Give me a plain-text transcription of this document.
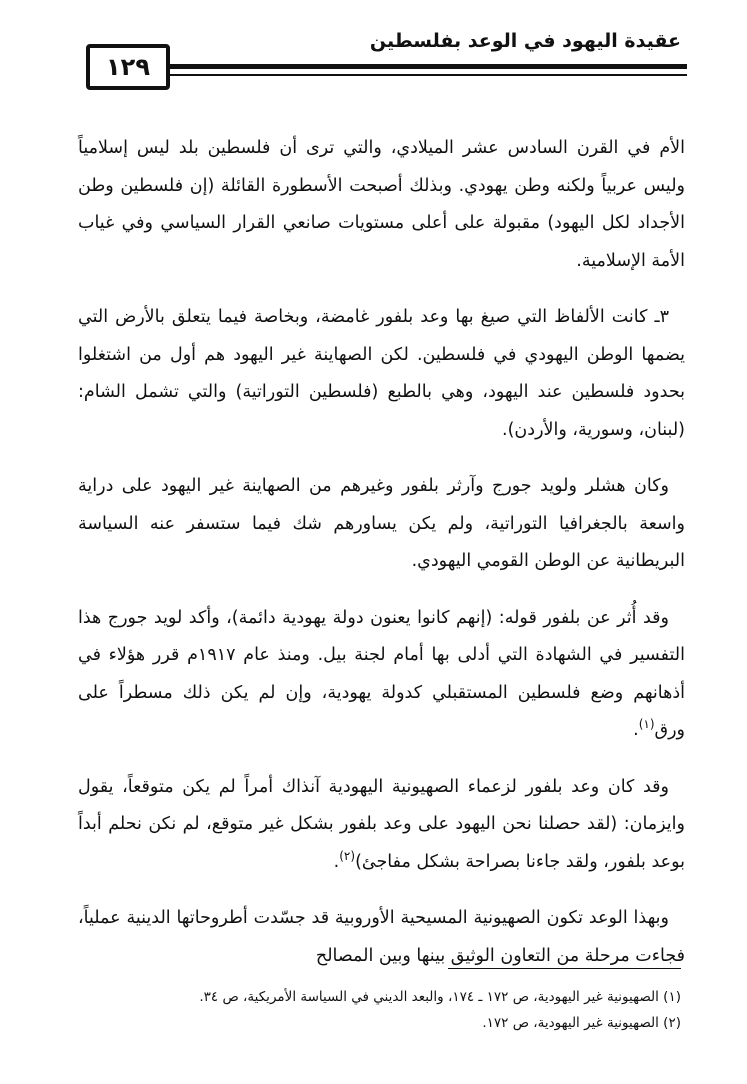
١٢٩
عقيدة اليهود في الوعد بفلسطين

الأم في القرن السادس عشر الميلادي، والتي ترى أن فلسطين بلد ليس إسلامياً وليس عربياً ولكنه وطن يهودي. وبذلك أصبحت الأسطورة القائلة (إن فلسطين وطن الأجداد لكل اليهود) مقبولة على أعلى مستويات صانعي القرار السياسي وفي غياب الأمة الإسلامية.

٣ـ كانت الألفاظ التي صيغ بها وعد بلفور غامضة، وبخاصة فيما يتعلق بالأرض التي يضمها الوطن اليهودي في فلسطين. لكن الصهاينة غير اليهود هم أول من اشتغلوا بحدود فلسطين عند اليهود، وهي بالطبع (فلسطين التوراتية) والتي تشمل الشام: (لبنان، وسورية، والأردن).

وكان هشلر ولويد جورج وآرثر بلفور وغيرهم من الصهاينة غير اليهود على دراية واسعة بالجغرافيا التوراتية، ولم يكن يساورهم شك فيما ستسفر عنه السياسة البريطانية عن الوطن القومي اليهودي.

وقد أُثر عن بلفور قوله: (إنهم كانوا يعنون دولة يهودية دائمة)، وأكد لويد جورج هذا التفسير في الشهادة التي أدلى بها أمام لجنة بيل. ومنذ عام ١٩١٧م قرر هؤلاء في أذهانهم وضع فلسطين المستقبلي كدولة يهودية، وإن لم يكن ذلك مسطراً على ورق$^{(١)}$.

وقد كان وعد بلفور لزعماء الصهيونية اليهودية آنذاك أمراً لم يكن متوقعاً، يقول وايزمان: (لقد حصلنا نحن اليهود على وعد بلفور بشكل غير متوقع، لم نكن نحلم أبداً بوعد بلفور، ولقد جاءنا بصراحة بشكل مفاجئ)$^{(٢)}$.

وبهذا الوعد تكون الصهيونية المسيحية الأوروبية قد جسّدت أطروحاتها الدينية عملياً، فجاءت مرحلة من التعاون الوثيق بينها وبين المصالح

(١) الصهيونية غير اليهودية، ص ١٧٢ ـ ١٧٤، والبعد الديني في السياسة الأمريكية، ص ٣٤.
(٢) الصهيونية غير اليهودية، ص ١٧٢.
